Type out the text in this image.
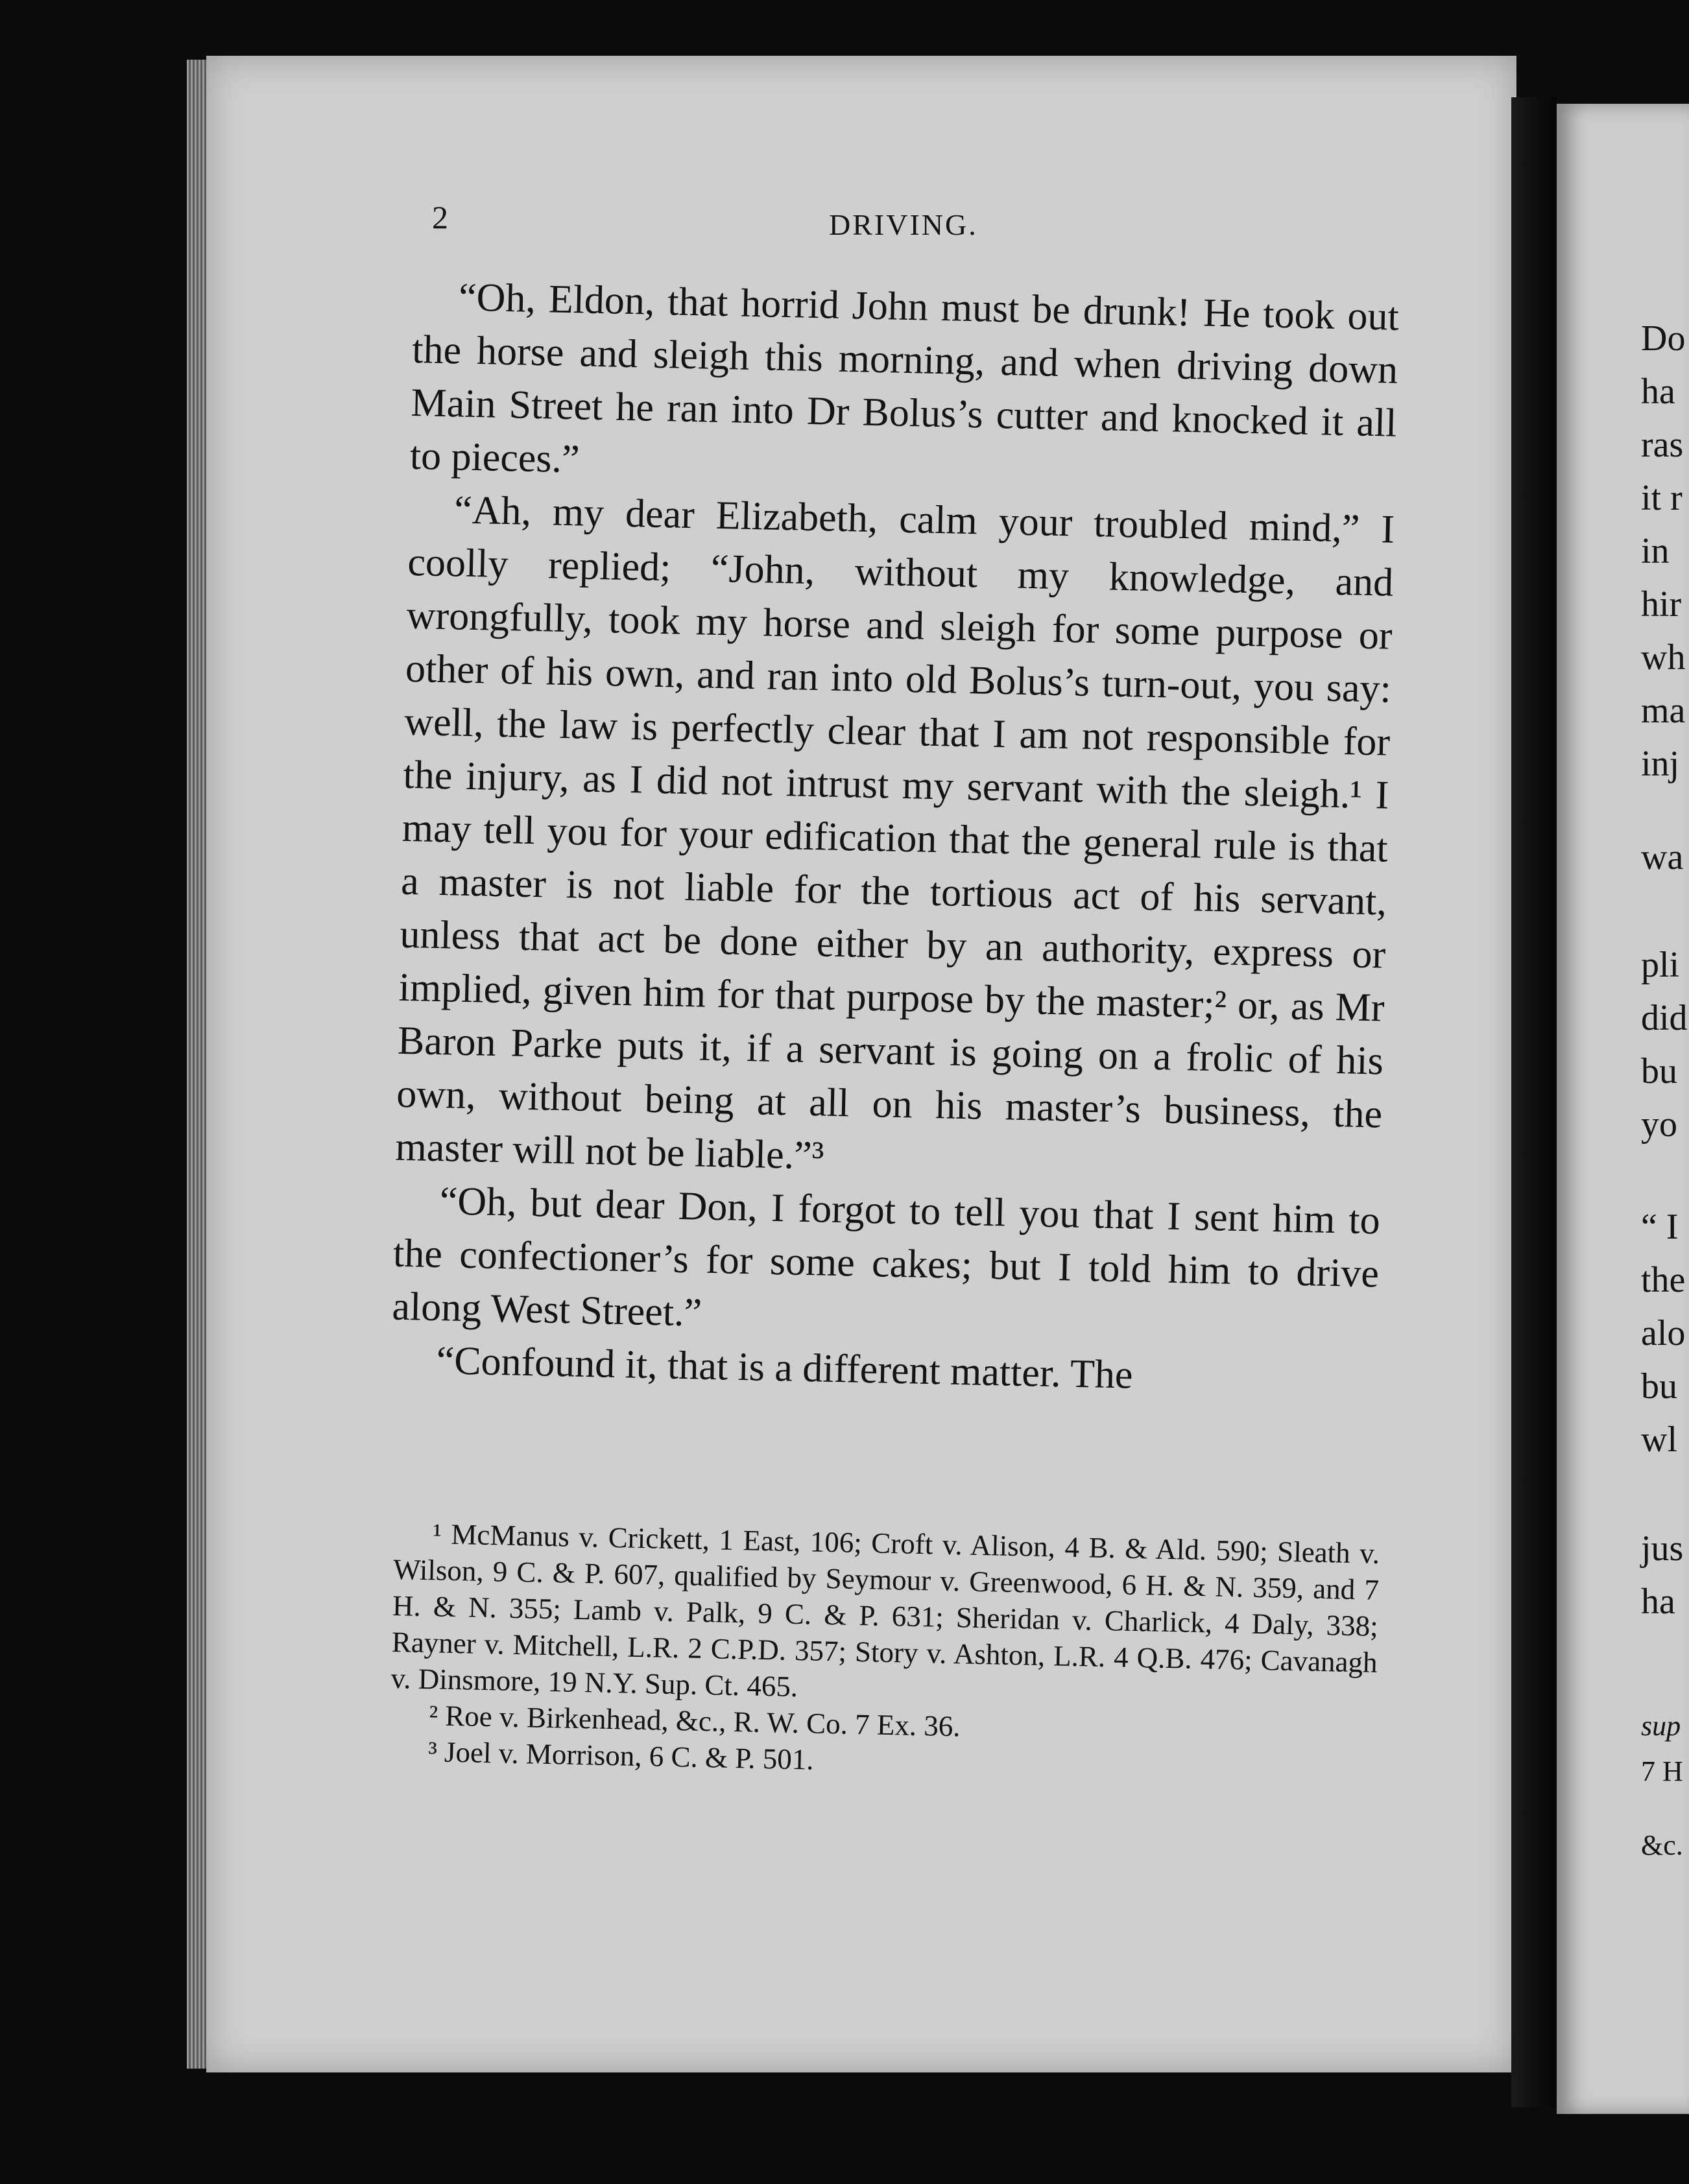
2	DRIVING.

“Oh, Eldon, that horrid John must be drunk! He took out the horse and sleigh this morning, and when driving down Main Street he ran into Dr Bolus’s cutter and knocked it all to pieces.”

“Ah, my dear Elizabeth, calm your troubled mind,” I coolly replied; “John, without my knowledge, and wrongfully, took my horse and sleigh for some purpose or other of his own, and ran into old Bolus’s turn-out, you say: well, the law is perfectly clear that I am not responsible for the injury, as I did not intrust my servant with the sleigh.¹ I may tell you for your edification that the general rule is that a master is not liable for the tortious act of his servant, unless that act be done either by an authority, express or implied, given him for that purpose by the master;² or, as Mr Baron Parke puts it, if a servant is going on a frolic of his own, without being at all on his master’s business, the master will not be liable.”³

“Oh, but dear Don, I forgot to tell you that I sent him to the confectioner’s for some cakes; but I told him to drive along West Street.”

“Confound it, that is a different matter. The

¹ McManus v. Crickett, 1 East, 106; Croft v. Alison, 4 B. & Ald. 590; Sleath v. Wilson, 9 C. & P. 607, qualified by Seymour v. Greenwood, 6 H. & N. 359, and 7 H. & N. 355; Lamb v. Palk, 9 C. & P. 631; Sheridan v. Charlick, 4 Daly, 338; Rayner v. Mitchell, L.R. 2 C.P.D. 357; Story v. Ashton, L.R. 4 Q.B. 476; Cavanagh v. Dinsmore, 19 N.Y. Sup. Ct. 465.

² Roe v. Birkenhead, &c., R. W. Co. 7 Ex. 36.

³ Joel v. Morrison, 6 C. & P. 501.

Do
ha
ras
it r
in
hir
wh
ma
inj
wa
pli
did
bu
yo
“ I
the
alo
bu
wl
jus
ha
sup
7 H
&c.
